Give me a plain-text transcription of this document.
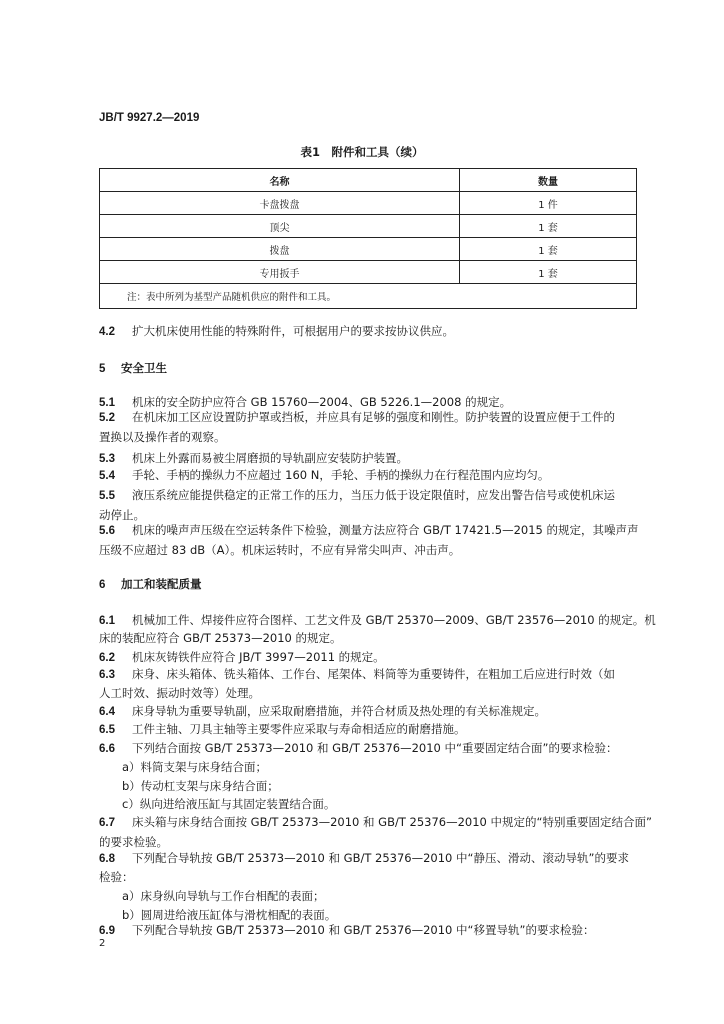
JB/T 9927.2—2019
表1　附件和工具（续）
名称	数量
卡盘拨盘	1 件
顶尖	1 套
拨盘	1 套
专用扳手	1 套
注：表中所列为基型产品随机供应的附件和工具。	
4.2 扩大机床使用性能的特殊附件，可根据用户的要求按协议供应。
5 安全卫生
5.1 机床的安全防护应符合 GB 15760—2004、GB 5226.1—2008 的规定。
5.2 在机床加工区应设置防护罩或挡板，并应具有足够的强度和刚性。防护装置的设置应便于工件的
置换以及操作者的观察。
5.3 机床上外露而易被尘屑磨损的导轨副应安装防护装置。
5.4 手轮、手柄的操纵力不应超过 160 N，手轮、手柄的操纵力在行程范围内应均匀。
5.5 液压系统应能提供稳定的正常工作的压力，当压力低于设定限值时，应发出警告信号或使机床运
动停止。
5.6 机床的噪声声压级在空运转条件下检验，测量方法应符合 GB/T 17421.5—2015 的规定，其噪声声
压级不应超过 83 dB（A）。机床运转时，不应有异常尖叫声、冲击声。
6 加工和装配质量
6.1 机械加工件、焊接件应符合图样、工艺文件及 GB/T 25370—2009、GB/T 23576—2010 的规定。机
床的装配应符合 GB/T 25373—2010 的规定。
6.2 机床灰铸铁件应符合 JB/T 3997—2011 的规定。
6.3 床身、床头箱体、铣头箱体、工作台、尾架体、料筒等为重要铸件，在粗加工后应进行时效（如
人工时效、振动时效等）处理。
6.4 床身导轨为重要导轨副，应采取耐磨措施，并符合材质及热处理的有关标准规定。
6.5 工件主轴、刀具主轴等主要零件应采取与寿命相适应的耐磨措施。
6.6 下列结合面按 GB/T 25373—2010 和 GB/T 25376—2010 中“重要固定结合面”的要求检验：
a）料筒支架与床身结合面；
b）传动杠支架与床身结合面；
c）纵向进给液压缸与其固定装置结合面。
6.7 床头箱与床身结合面按 GB/T 25373—2010 和 GB/T 25376—2010 中规定的“特别重要固定结合面”
的要求检验。
6.8 下列配合导轨按 GB/T 25373—2010 和 GB/T 25376—2010 中“静压、滑动、滚动导轨”的要求
检验：
a）床身纵向导轨与工作台相配的表面；
b）圆周进给液压缸体与滑枕相配的表面。
6.9 下列配合导轨按 GB/T 25373—2010 和 GB/T 25376—2010 中“移置导轨”的要求检验：
2
